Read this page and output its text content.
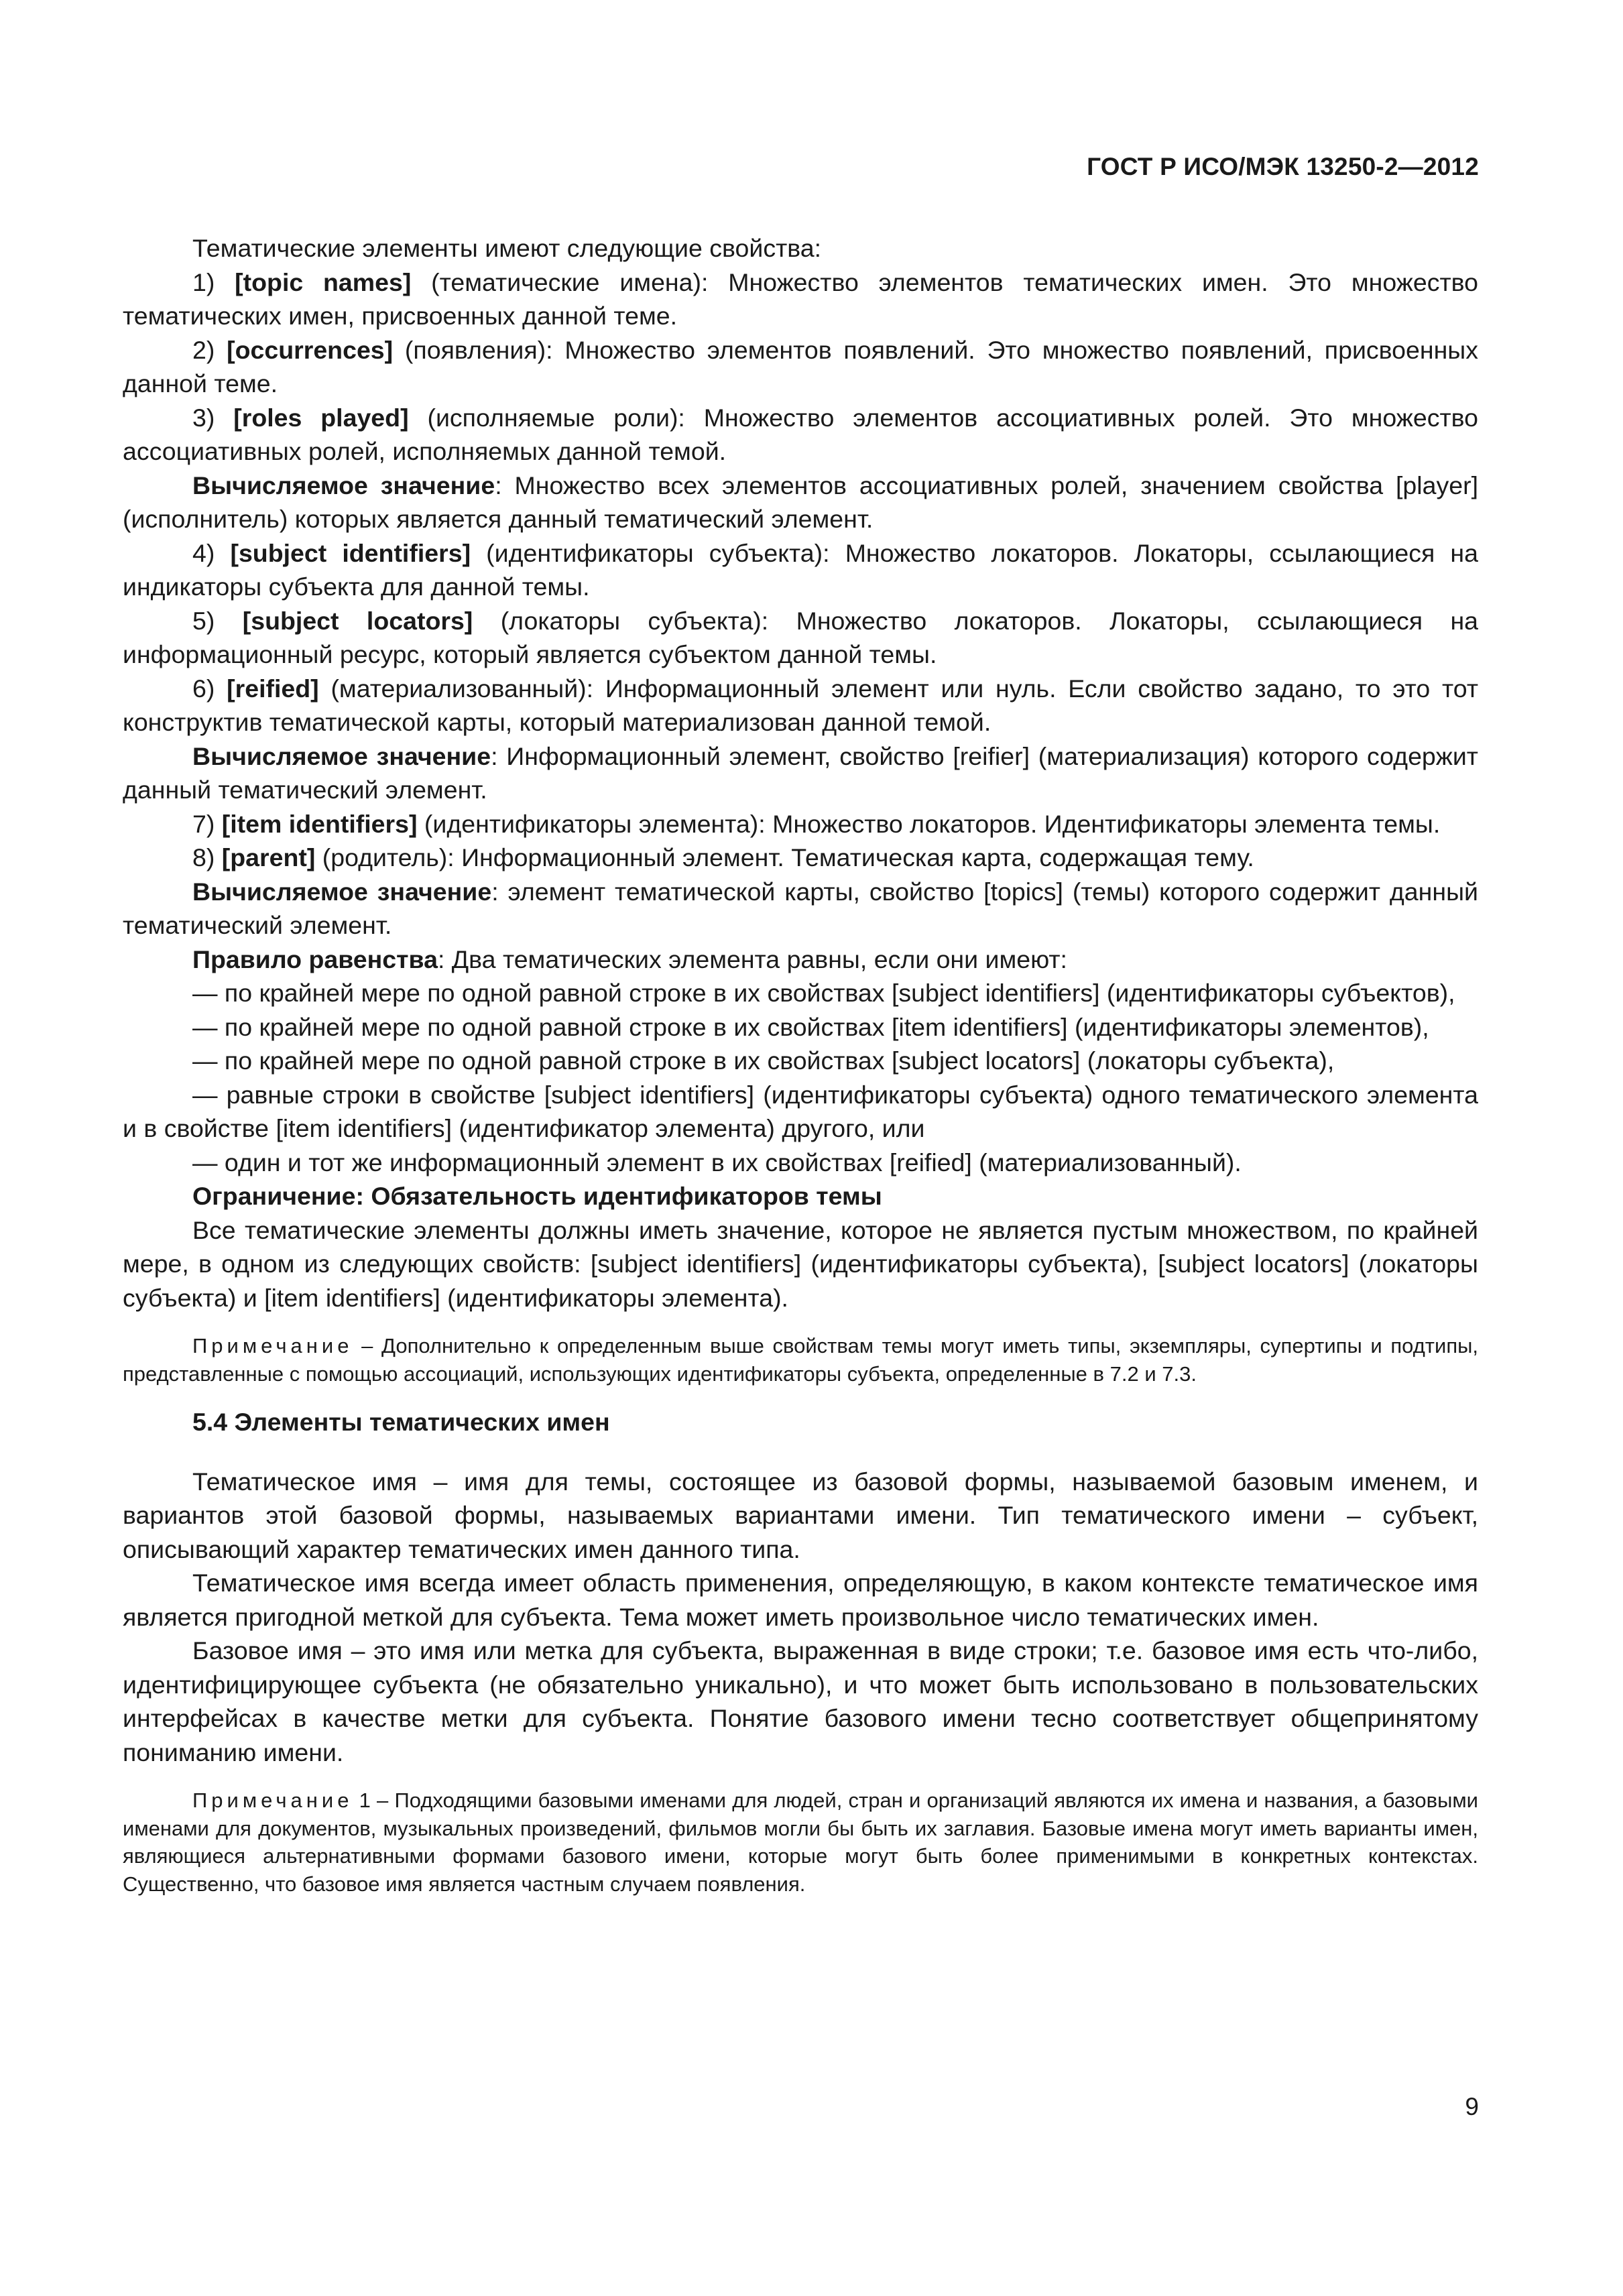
ГОСТ Р ИСО/МЭК 13250-2—2012

Тематические элементы имеют следующие свойства:

1) [topic names] (тематические имена): Множество элементов тематических имен. Это множество тематических имен, присвоенных данной теме.

2) [occurrences] (появления): Множество элементов появлений. Это множество появлений, присвоенных данной теме.

3) [roles played] (исполняемые роли): Множество элементов ассоциативных ролей. Это множество ассоциативных ролей, исполняемых данной темой.

Вычисляемое значение: Множество всех элементов ассоциативных ролей, значением свойства [player] (исполнитель) которых является данный тематический элемент.

4) [subject identifiers] (идентификаторы субъекта): Множество локаторов. Локаторы, ссылающиеся на индикаторы субъекта для данной темы.

5) [subject locators] (локаторы субъекта): Множество локаторов. Локаторы, ссылающиеся на информационный ресурс, который является субъектом данной темы.

6) [reified] (материализованный): Информационный элемент или нуль. Если свойство задано, то это тот конструктив тематической карты, который материализован данной темой.

Вычисляемое значение: Информационный элемент, свойство [reifier] (материализация) которого содержит данный тематический элемент.

7) [item identifiers] (идентификаторы элемента): Множество локаторов. Идентификаторы элемента темы.

8) [parent] (родитель): Информационный элемент. Тематическая карта, содержащая тему.

Вычисляемое значение: элемент тематической карты, свойство [topics] (темы) которого содержит данный тематический элемент.

Правило равенства: Два тематических элемента равны, если они имеют:

— по крайней мере по одной равной строке в их свойствах [subject identifiers] (идентификаторы субъектов),

— по крайней мере по одной равной строке в их свойствах [item identifiers] (идентификаторы элементов),

— по крайней мере по одной равной строке в их свойствах [subject locators] (локаторы субъекта),

— равные строки в свойстве [subject identifiers] (идентификаторы субъекта) одного тематического элемента и в свойстве [item identifiers] (идентификатор элемента) другого, или

— один и тот же информационный элемент в их свойствах [reified] (материализованный).

Ограничение: Обязательность идентификаторов темы

Все тематические элементы должны иметь значение, которое не является пустым множеством, по крайней мере, в одном из следующих свойств: [subject identifiers] (идентификаторы субъекта), [subject locators] (локаторы субъекта) и [item identifiers] (идентификаторы элемента).

Примечание – Дополнительно к определенным выше свойствам темы могут иметь типы, экземпляры, супертипы и подтипы, представленные с помощью ассоциаций, использующих идентификаторы субъекта, определенные в 7.2 и 7.3.

5.4 Элементы тематических имен

Тематическое имя – имя для темы, состоящее из базовой формы, называемой базовым именем, и вариантов этой базовой формы, называемых вариантами имени. Тип тематического имени – субъект, описывающий характер тематических имен данного типа.

Тематическое имя всегда имеет область применения, определяющую, в каком контексте тематическое имя является пригодной меткой для субъекта. Тема может иметь произвольное число тематических имен.

Базовое имя – это имя или метка для субъекта, выраженная в виде строки; т.е. базовое имя есть что-либо, идентифицирующее субъекта (не обязательно уникально), и что может быть использовано в пользовательских интерфейсах в качестве метки для субъекта. Понятие базового имени тесно соответствует общепринятому пониманию имени.

Примечание 1 – Подходящими базовыми именами для людей, стран и организаций являются их имена и названия, а базовыми именами для документов, музыкальных произведений, фильмов могли бы быть их заглавия. Базовые имена могут иметь варианты имен, являющиеся альтернативными формами базового имени, которые могут быть более применимыми в конкретных контекстах. Существенно, что базовое имя является частным случаем появления.

9
